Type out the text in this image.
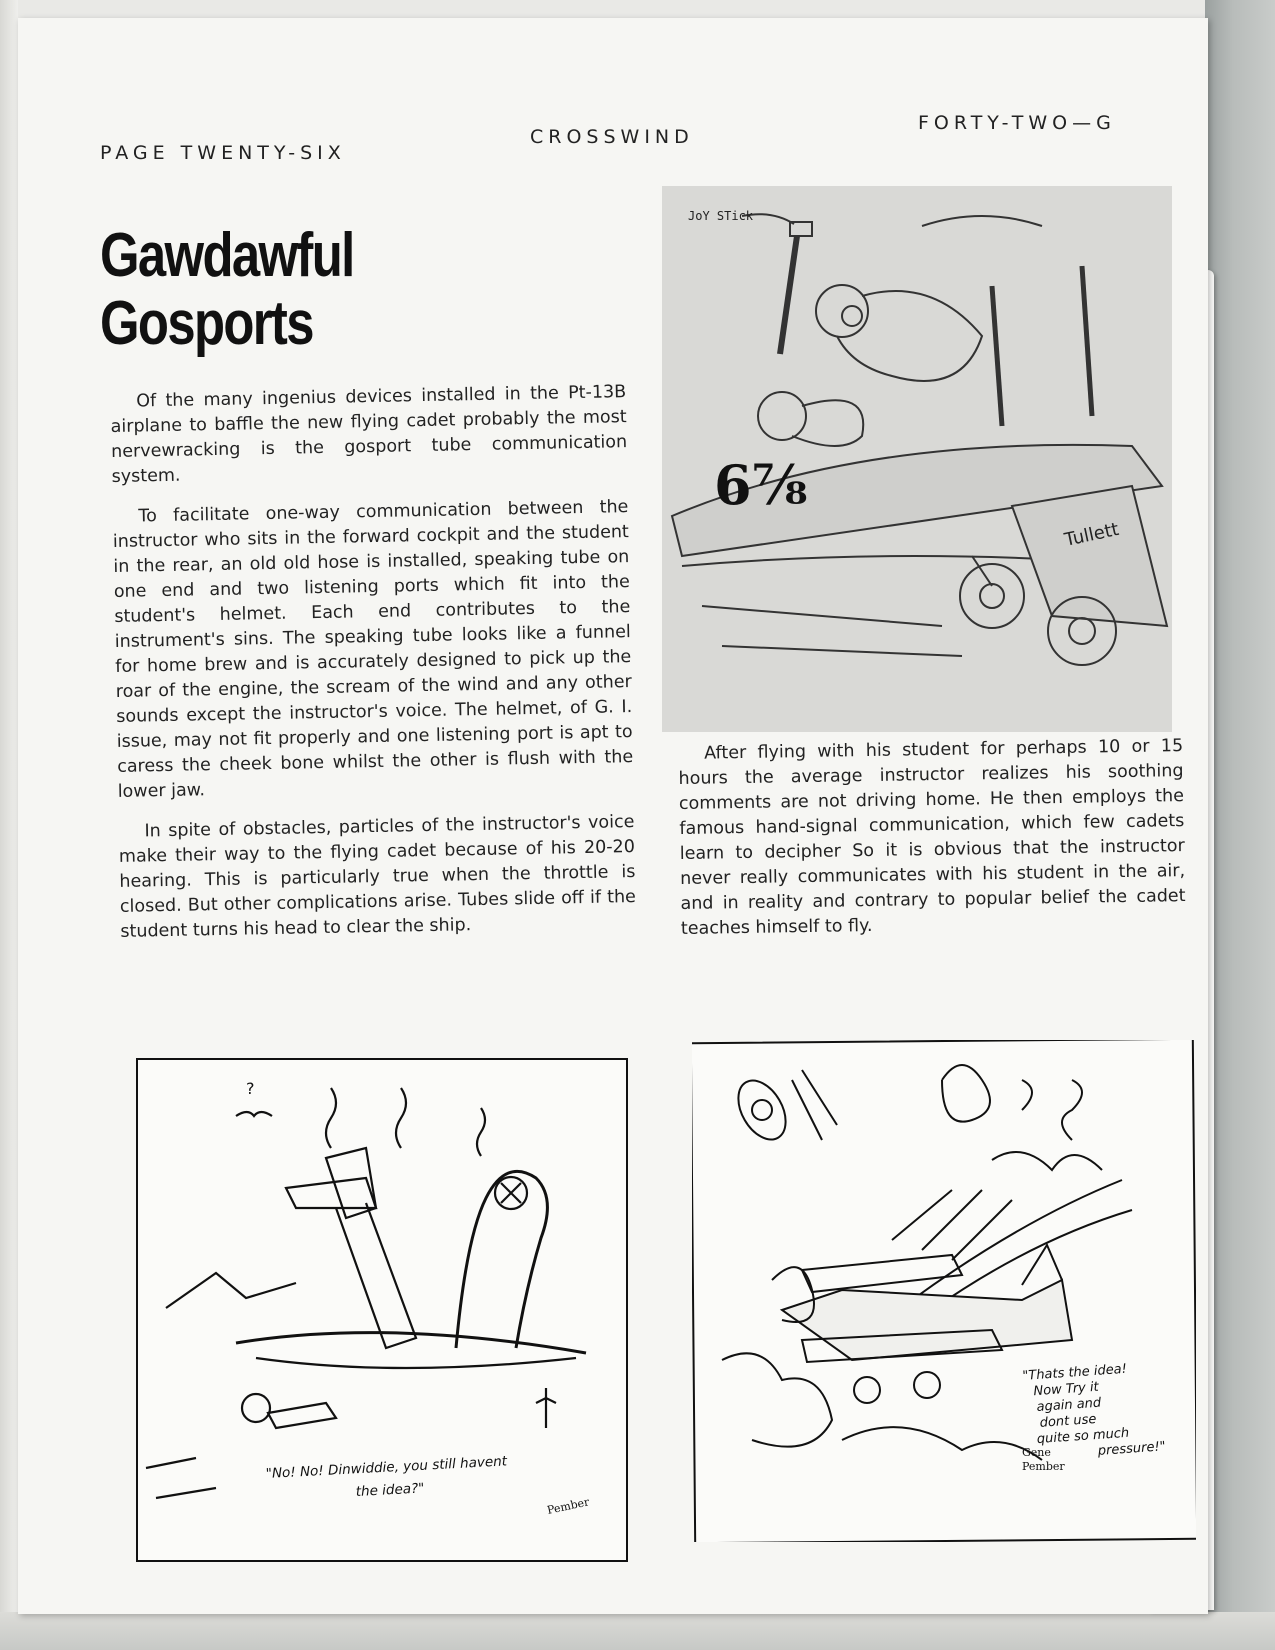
PAGE TWENTY-SIX
CROSSWIND
FORTY-TWO—G
Gawdawful
Gosports

Of the many ingenius devices installed in the Pt-13B airplane to baffle the new flying cadet probably the most nervewracking is the gosport tube communication system.

To facilitate one-way communication between the instructor who sits in the forward cockpit and the student in the rear, an old old hose is installed, speaking tube on one end and two listening ports which fit into the student's helmet. Each end contributes to the instrument's sins. The speaking tube looks like a funnel for home brew and is accurately designed to pick up the roar of the engine, the scream of the wind and any other sounds except the instructor's voice. The helmet, of G. I. issue, may not fit properly and one listening port is apt to caress the cheek bone whilst the other is flush with the lower jaw.

In spite of obstacles, particles of the instructor's voice make their way to the flying cadet because of his 20-20 hearing. This is particularly true when the throttle is closed. But other complications arise. Tubes slide off if the student turns his head to clear the ship.

After flying with his student for perhaps 10 or 15 hours the average instructor realizes his soothing comments are not driving home. He then employs the famous hand-signal communication, which few cadets learn to decipher So it is obvious that the instructor never really communicates with his student in the air, and in reality and contrary to popular belief the cadet teaches himself to fly.

JoY STick
6⅞
Tullett
?
"No! No! Dinwiddie, you still havent
the idea?"
Pember
"Thats the idea!
Now Try it
again and
dont use
quite so much
pressure!"
Gene
Pember
